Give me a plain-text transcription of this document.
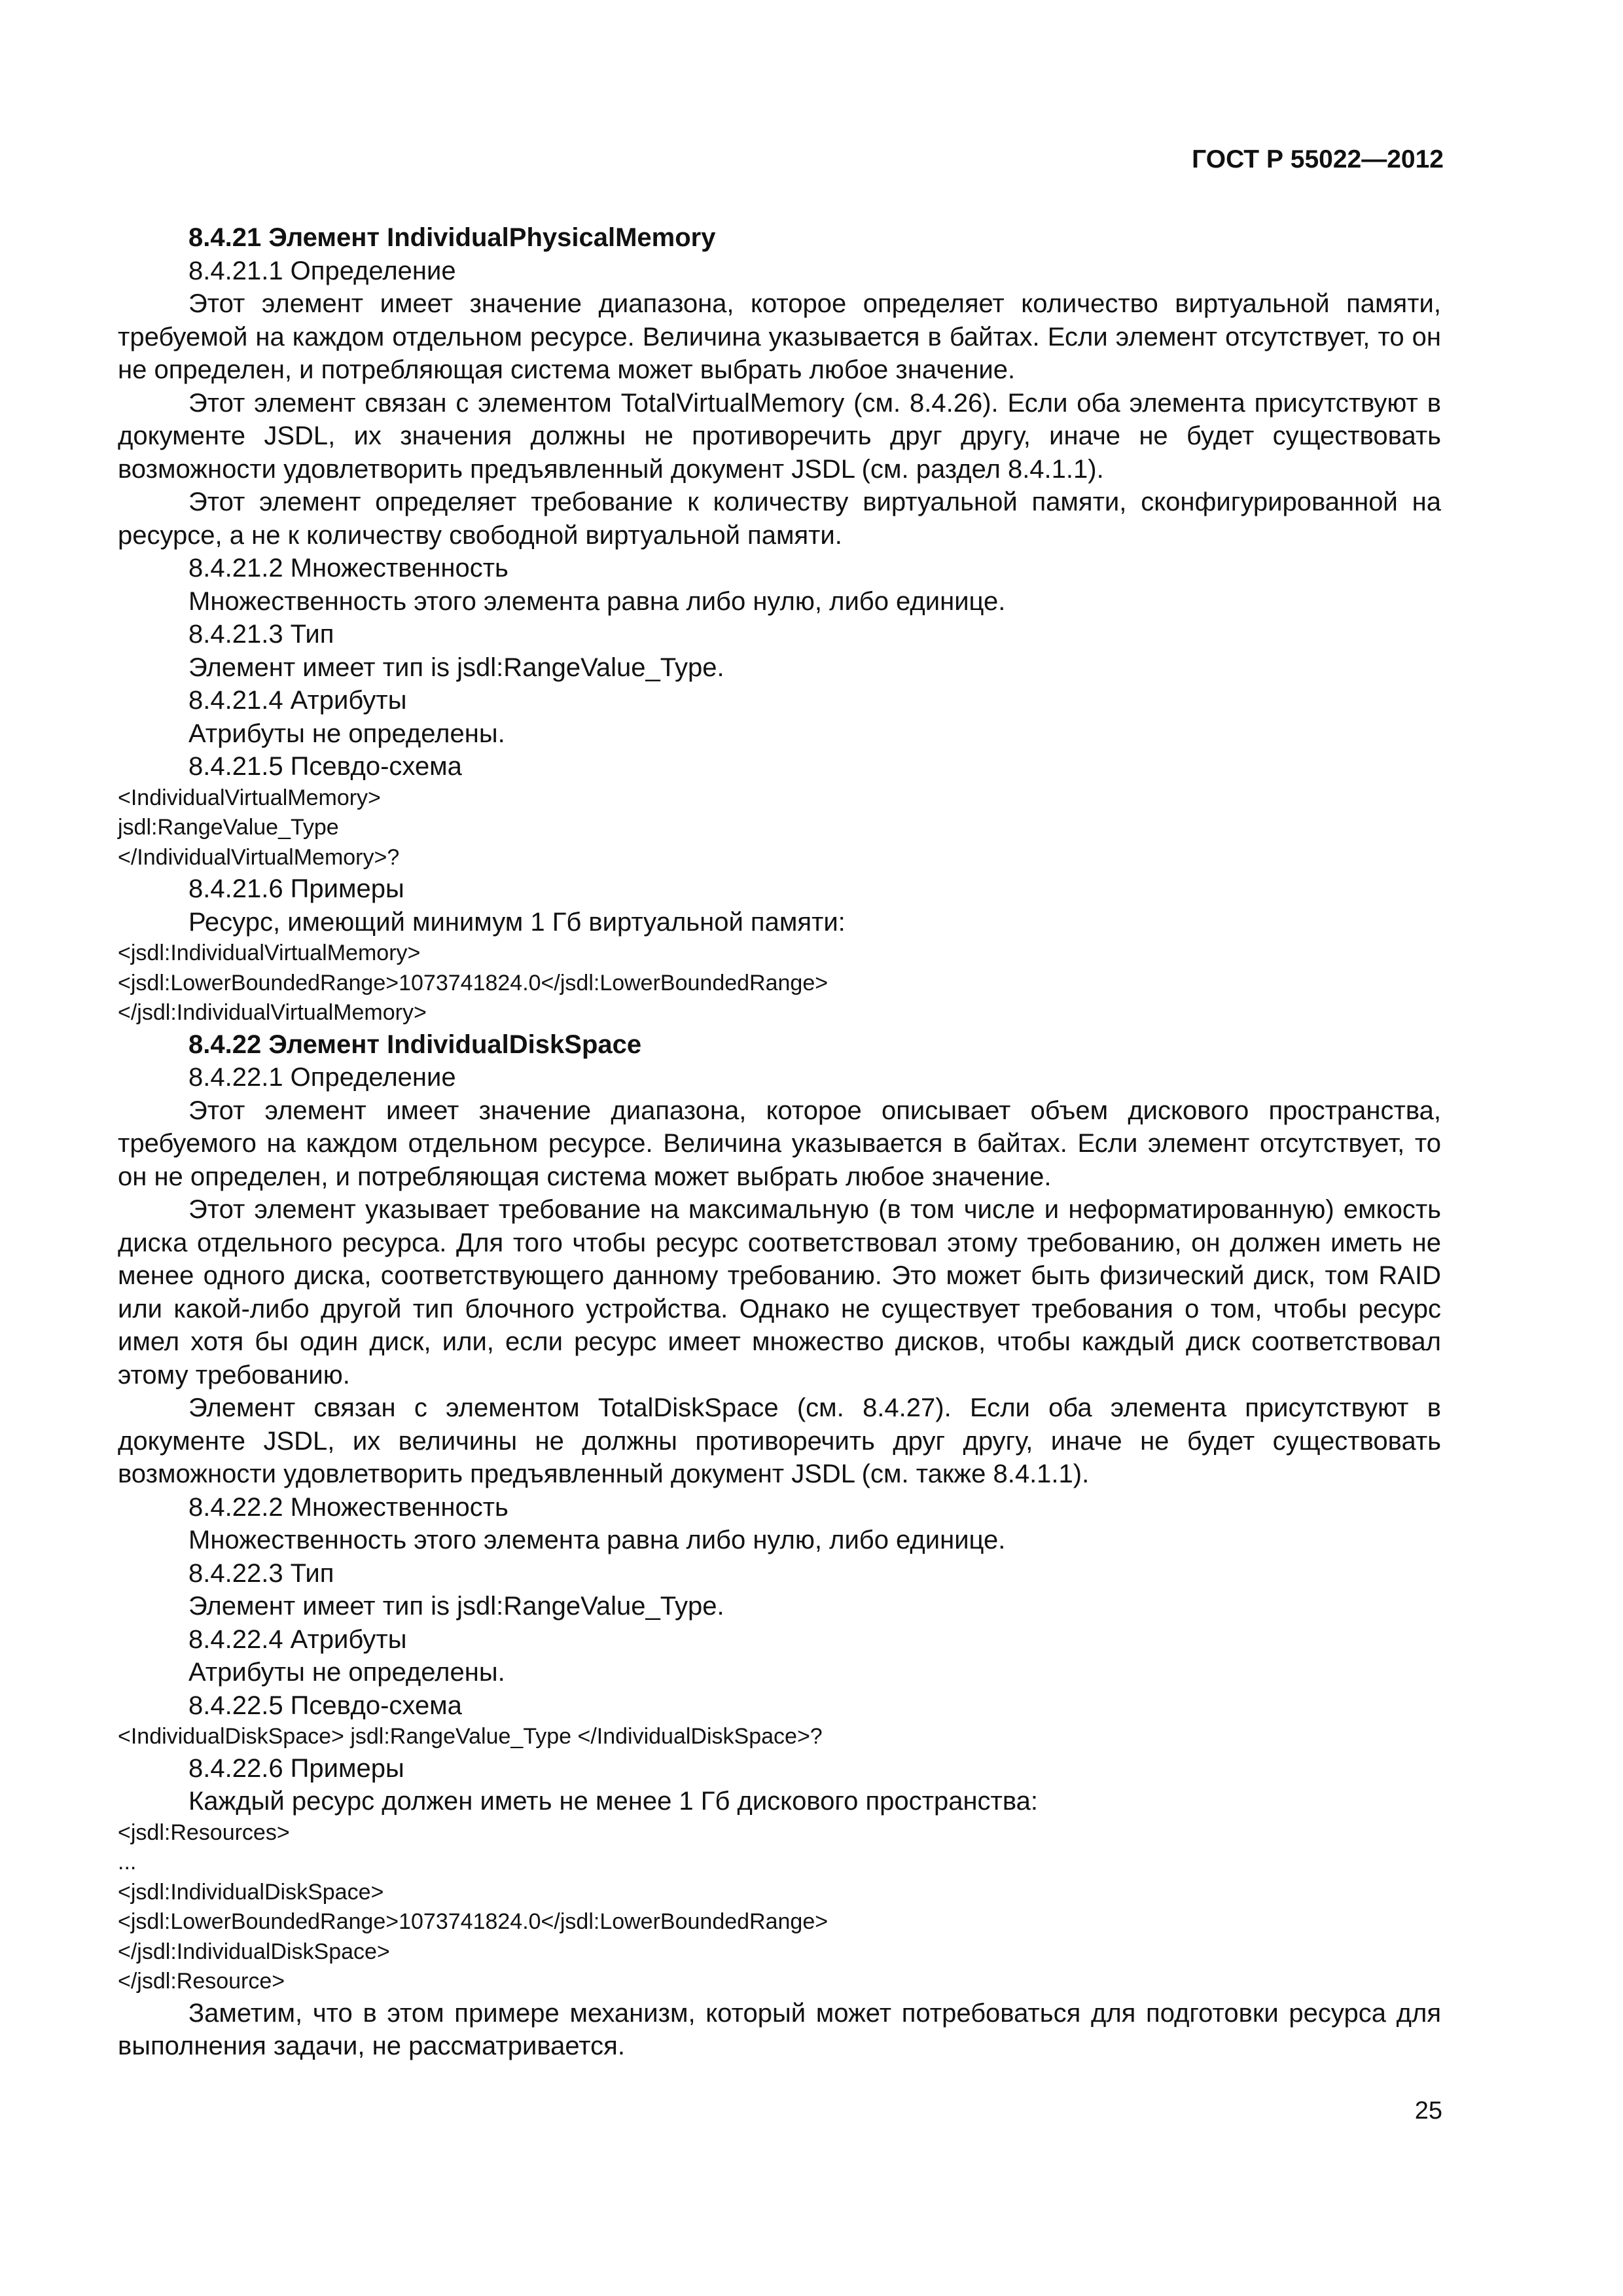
ГОСТ Р 55022—2012

8.4.21 Элемент IndividualPhysicalMemory

8.4.21.1 Определение

Этот элемент имеет значение диапазона, которое определяет количество виртуальной памяти, требуемой на каждом отдельном ресурсе. Величина указывается в байтах. Если элемент отсутствует, то он не определен, и потребляющая система может выбрать любое значение.

Этот элемент связан с элементом TotalVirtualMemory (см. 8.4.26). Если оба элемента присутствуют в документе JSDL, их значения должны не противоречить друг другу, иначе не будет существовать возможности удовлетворить предъявленный документ JSDL (см. раздел 8.4.1.1).

Этот элемент определяет требование к количеству виртуальной памяти, сконфигурированной на ресурсе, а не к количеству свободной виртуальной памяти.

8.4.21.2 Множественность

Множественность этого элемента равна либо нулю, либо единице.

8.4.21.3 Тип

Элемент имеет тип is jsdl:RangeValue_Type.

8.4.21.4 Атрибуты

Атрибуты не определены.

8.4.21.5 Псевдо-схема

<IndividualVirtualMemory>

jsdl:RangeValue_Type

</IndividualVirtualMemory>?

8.4.21.6 Примеры

Ресурс, имеющий минимум 1 Гб виртуальной памяти:

<jsdl:IndividualVirtualMemory>

<jsdl:LowerBoundedRange>1073741824.0</jsdl:LowerBoundedRange>

</jsdl:IndividualVirtualMemory>

8.4.22 Элемент IndividualDiskSpace

8.4.22.1 Определение

Этот элемент имеет значение диапазона, которое описывает объем дискового пространства, требуемого на каждом отдельном ресурсе. Величина указывается в байтах. Если элемент отсутствует, то он не определен, и потребляющая система может выбрать любое значение.

Этот элемент указывает требование на максимальную (в том числе и неформатированную) емкость диска отдельного ресурса. Для того чтобы ресурс соответствовал этому требованию, он должен иметь не менее одного диска, соответствующего данному требованию. Это может быть физический диск, том RAID или какой-либо другой тип блочного устройства. Однако не существует требования о том, чтобы ресурс имел хотя бы один диск, или, если ресурс имеет множество дисков, чтобы каждый диск соответствовал этому требованию.

Элемент связан с элементом TotalDiskSpace (см. 8.4.27). Если оба элемента присутствуют в документе JSDL, их величины не должны противоречить друг другу, иначе не будет существовать возможности удовлетворить предъявленный документ JSDL (см. также 8.4.1.1).

8.4.22.2 Множественность

Множественность этого элемента равна либо нулю, либо единице.

8.4.22.3 Тип

Элемент имеет тип is jsdl:RangeValue_Type.

8.4.22.4 Атрибуты

Атрибуты не определены.

8.4.22.5 Псевдо-схема

<IndividualDiskSpace> jsdl:RangeValue_Type </IndividualDiskSpace>?

8.4.22.6 Примеры

Каждый ресурс должен иметь не менее 1 Гб дискового пространства:

<jsdl:Resources>

...

<jsdl:IndividualDiskSpace>

<jsdl:LowerBoundedRange>1073741824.0</jsdl:LowerBoundedRange>

</jsdl:IndividualDiskSpace>

</jsdl:Resource>

Заметим, что в этом примере механизм, который может потребоваться для подготовки ресурса для выполнения задачи, не рассматривается.

25
